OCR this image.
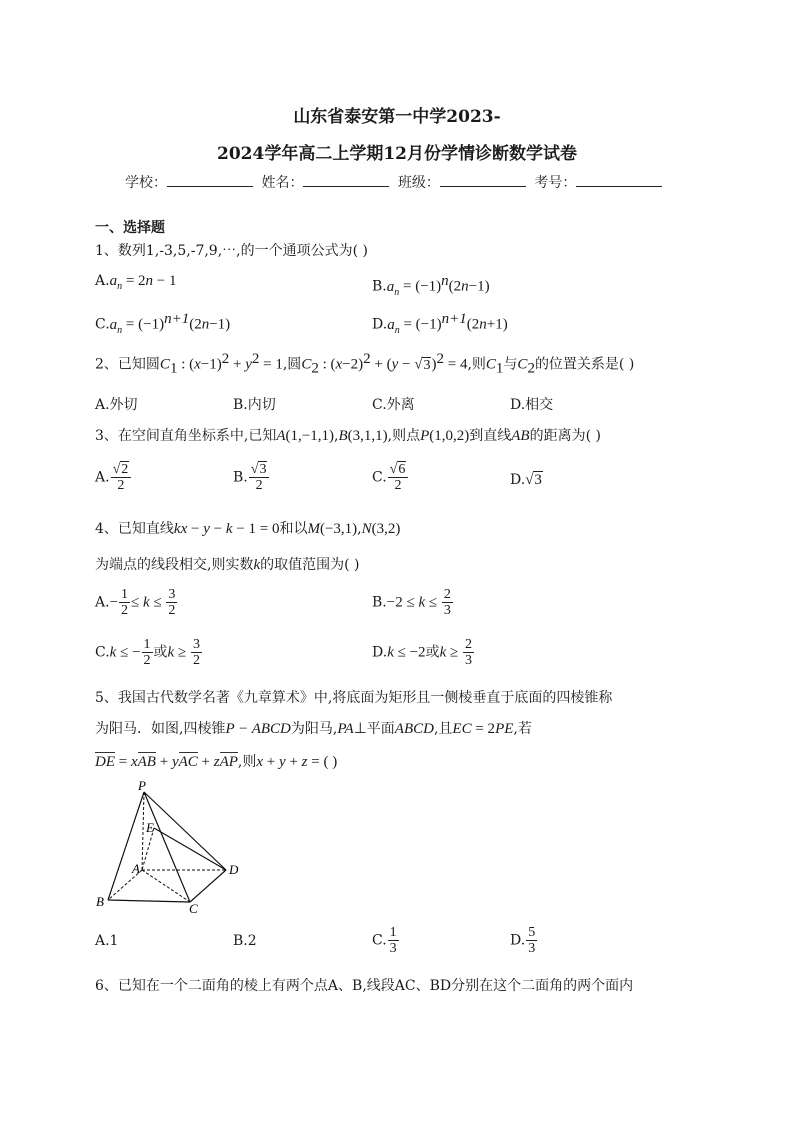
山东省泰安第一中学2023-
2024学年高二上学期12月份学情诊断数学试卷
学校：	姓名：	班级：	考号：
一、选择题
1、数列1,-3,5,-7,9,⋯,的一个通项公式为( )
$A.a_n = 2n - 1$	$B.a_n = (-1)^n(2n-1)$
$C.a_n = (-1)^{n+1}(2n-1)$	$D.a_n = (-1)^{n+1}(2n+1)$
2、已知圆$C_1$ : $(x-1)^2 + y^2 = 1$,圆$C_2$ : $(x-2)^2 + (y - √3)^2 = 4$,则$C_1$与$C_2$的位置关系是( )
A.外切	B.内切	C.外离	D.相交
3、在空间直角坐标系中,已知A(1,−1,1),B(3,1,1),则点P(1,0,2)到直线AB的距离为( )
A. $\frac{√2}{2}$	B. $\frac{√3}{2}$	C. $\frac{√6}{2}$	D.√3
4、已知直线kx − y − k − 1 = 0和以M(−3,1),N(3,2)
为端点的线段相交,则实数k的取值范围为( )
$A.- \frac{1}{2} \le k \le \frac{3}{2}$	$B.-2 \le k \le \frac{2}{3}$
C.k ≤ − $\frac{1}{2}$ 或$k \ge \frac{3}{2}$	D.k ≤ −2或$k \ge \frac{2}{3}$
5、我国古代数学名著《九章算术》中,将底面为矩形且一侧棱垂直于底面的四棱锥称
为阳马．如图,四棱锥P − ABCD为阳马,PA⊥平面ABCD,且EC = 2PE,若
DE = xAB + yAC + zAP,则x + y + z = ( )
P
E
A	D
B	C
A.1	B.2	C. $\frac{1}{3}$	D. $\frac{5}{3}$
6、已知在一个二面角的棱上有两个点A、B,线段AC、BD分别在这个二面角的两个面内
